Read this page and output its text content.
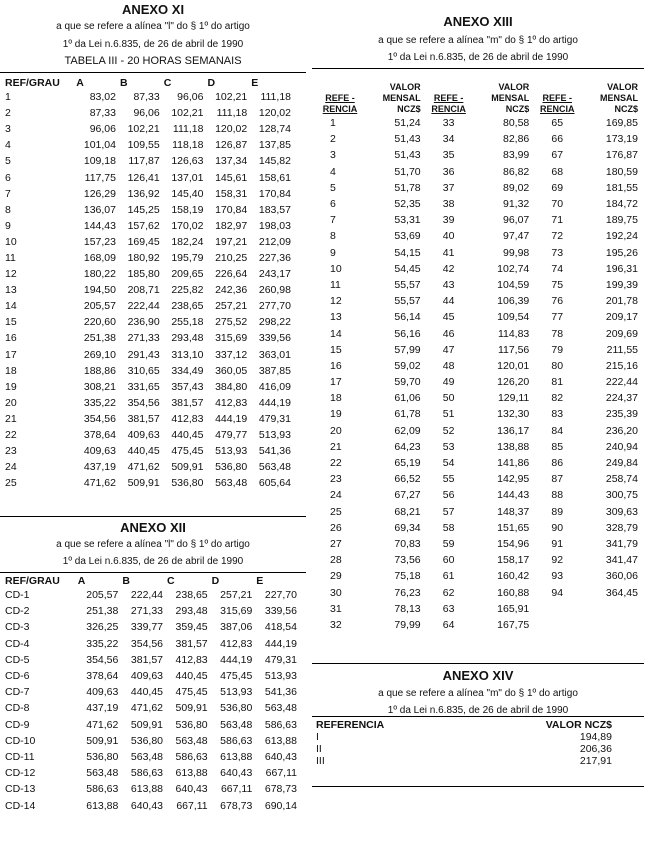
ANEXO XI
a que se refere a alínea "l" do § 1º do artigo
1º da Lei n.6.835, de 26 de abril de 1990
TABELA III - 20 HORAS SEMANAIS
REF/GRAU	A	B	C	D	E
1	83,02	87,33	96,06	102,21	111,18
2	87,33	96,06	102,21	111,18	120,02
3	96,06	102,21	111,18	120,02	128,74
4	101,04	109,55	118,18	126,87	137,85
5	109,18	117,87	126,63	137,34	145,82
6	117,75	126,41	137,01	145,61	158,61
7	126,29	136,92	145,40	158,31	170,84
8	136,07	145,25	158,19	170,84	183,57
9	144,43	157,62	170,02	182,97	198,03
10	157,23	169,45	182,24	197,21	212,09
11	168,09	180,92	195,79	210,25	227,36
12	180,22	185,80	209,65	226,64	243,17
13	194,50	208,71	225,82	242,36	260,98
14	205,57	222,44	238,65	257,21	277,70
15	220,60	236,90	255,18	275,52	298,22
16	251,38	271,33	293,48	315,69	339,56
17	269,10	291,43	313,10	337,12	363,01
18	188,86	310,65	334,49	360,05	387,85
19	308,21	331,65	357,43	384,80	416,09
20	335,22	354,56	381,57	412,83	444,19
21	354,56	381,57	412,83	444,19	479,31
22	378,64	409,63	440,45	479,77	513,93
23	409,63	440,45	475,45	513,93	541,36
24	437,19	471,62	509,91	536,80	563,48
25	471,62	509,91	536,80	563,48	605,64
ANEXO XII
a que se refere a alínea "l" do § 1º do artigo
1º da Lei n.6.835, de 26 de abril de 1990
REF/GRAU	A	B	C	D	E
CD-1	205,57	222,44	238,65	257,21	227,70
CD-2	251,38	271,33	293,48	315,69	339,56
CD-3	326,25	339,77	359,45	387,06	418,54
CD-4	335,22	354,56	381,57	412,83	444,19
CD-5	354,56	381,57	412,83	444,19	479,31
CD-6	378,64	409,63	440,45	475,45	513,93
CD-7	409,63	440,45	475,45	513,93	541,36
CD-8	437,19	471,62	509,91	536,80	563,48
CD-9	471,62	509,91	536,80	563,48	586,63
CD-10	509,91	536,80	563,48	586,63	613,88
CD-11	536,80	563,48	586,63	613,88	640,43
CD-12	563,48	586,63	613,88	640,43	667,11
CD-13	586,63	613,88	640,43	667,11	678,73
CD-14	613,88	640,43	667,11	678,73	690,14
ANEXO XIII
a que se refere a alínea "m" do § 1º do artigo
1º da Lei n.6.835, de 26 de abril de 1990
REFE -
RENCIA	VALOR
MENSAL
NCZ$	REFE -
RENCIA	VALOR
MENSAL
NCZ$	REFE -
RENCIA	VALOR
MENSAL
NCZ$

1	51,24	33	80,58	65	169,85
2	51,43	34	82,86	66	173,19
3	51,43	35	83,99	67	176,87
4	51,70	36	86,82	68	180,59
5	51,78	37	89,02	69	181,55
6	52,35	38	91,32	70	184,72
7	53,31	39	96,07	71	189,75
8	53,69	40	97,47	72	192,24
9	54,15	41	99,98	73	195,26
10	54,45	42	102,74	74	196,31
11	55,57	43	104,59	75	199,39
12	55,57	44	106,39	76	201,78
13	56,14	45	109,54	77	209,17
14	56,16	46	114,83	78	209,69
15	57,99	47	117,56	79	211,55
16	59,02	48	120,01	80	215,16
17	59,70	49	126,20	81	222,44
18	61,06	50	129,11	82	224,37
19	61,78	51	132,30	83	235,39
20	62,09	52	136,17	84	236,20
21	64,23	53	138,88	85	240,94
22	65,19	54	141,86	86	249,84
23	66,52	55	142,95	87	258,74
24	67,27	56	144,43	88	300,75
25	68,21	57	148,37	89	309,63
26	69,34	58	151,65	90	328,79
27	70,83	59	154,96	91	341,79
28	73,56	60	158,17	92	341,47
29	75,18	61	160,42	93	360,06
30	76,23	62	160,88	94	364,45
31	78,13	63	165,91		
32	79,99	64	167,75		
ANEXO XIV
a que se refere a alínea "m" do § 1º do artigo
1º da Lei n.6.835, de 26 de abril de 1990
REFERENCIA	VALOR NCZ$
I	194,89
II	206,36
III	217,91
